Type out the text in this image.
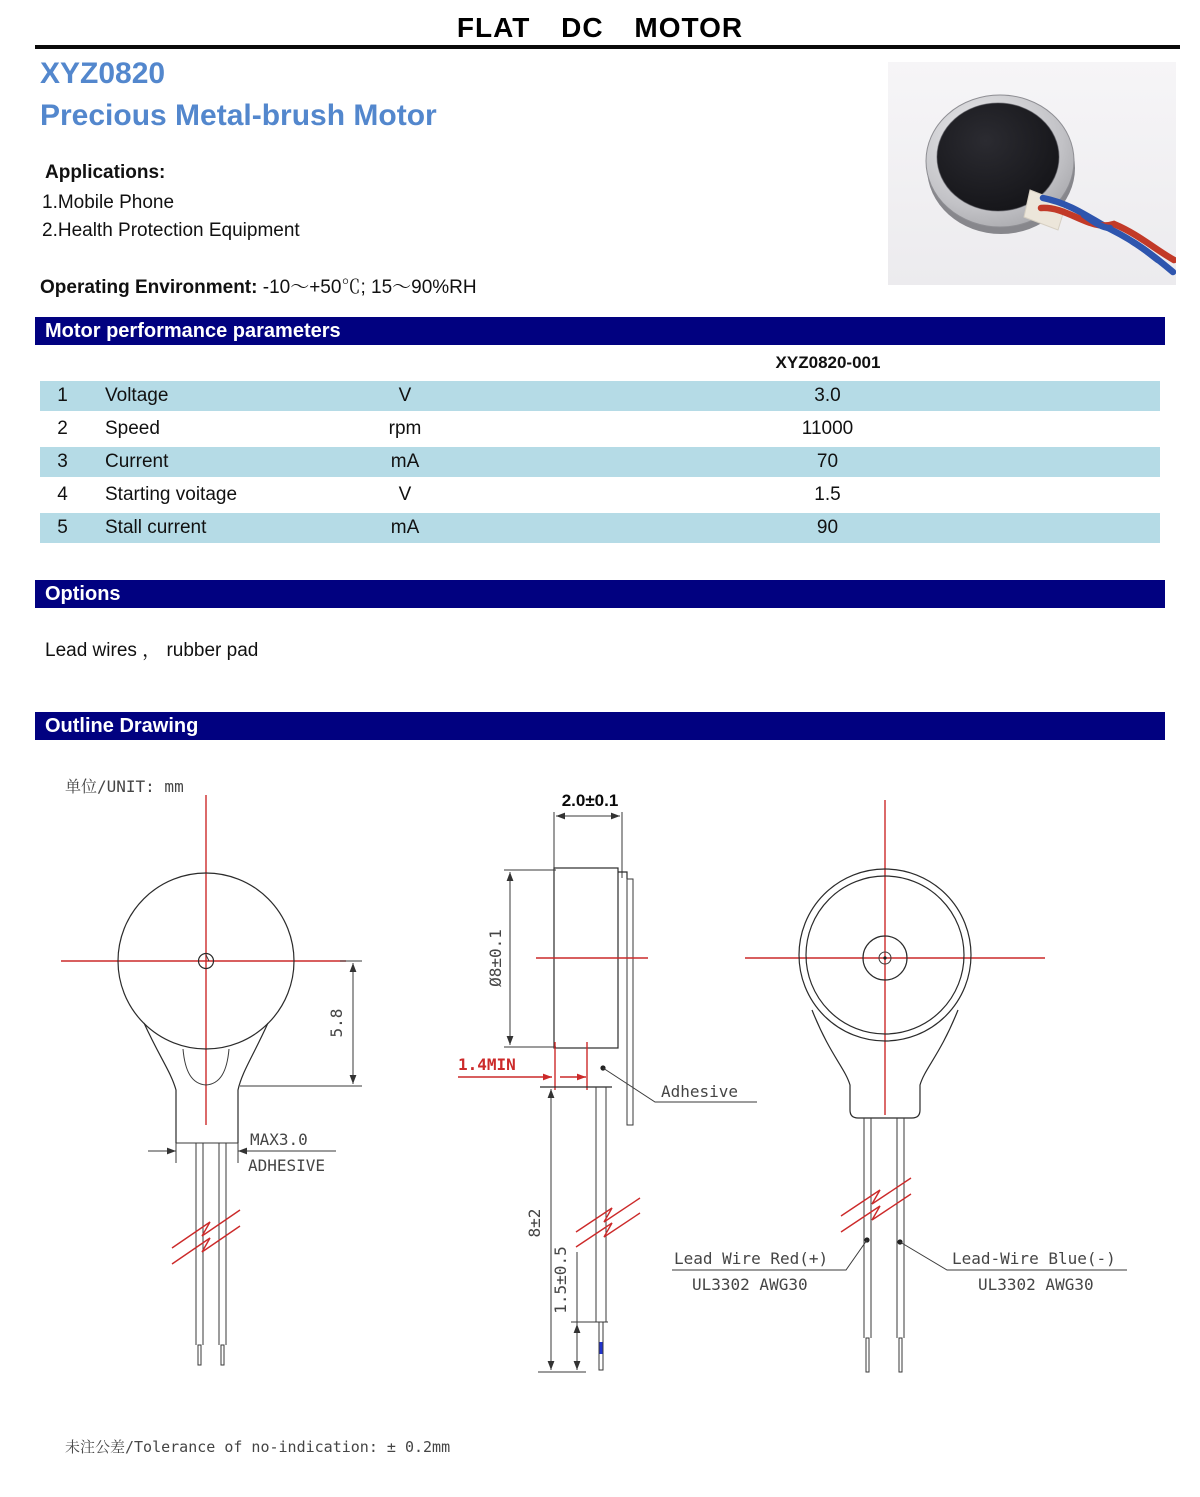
FLAT DC MOTOR
XYZ0820
Precious Metal-brush Motor
Applications:
1.Mobile Phone
2.Health Protection Equipment
Operating Environment: -10～+50℃; 15～90%RH
Motor performance parameters
XYZ0820-001
1	Voltage	V	3.0
2	Speed	rpm	11000
3	Current	mA	70
4	Starting voitage	V	1.5
5	Stall current	mA	90
Options
Lead wires ， rubber pad
Outline Drawing
单位/UNIT: mm
5.8
MAX3.0
ADHESIVE
2.0±0.1
Ø8±0.1
1.4MIN
Adhesive
8±2
1.5±0.5	Lead Wire Red(+)
UL3302 AWG30
Lead-Wire Blue(-)
UL3302 AWG30
未注公差/Tolerance of no-indication: ± 0.2mm
